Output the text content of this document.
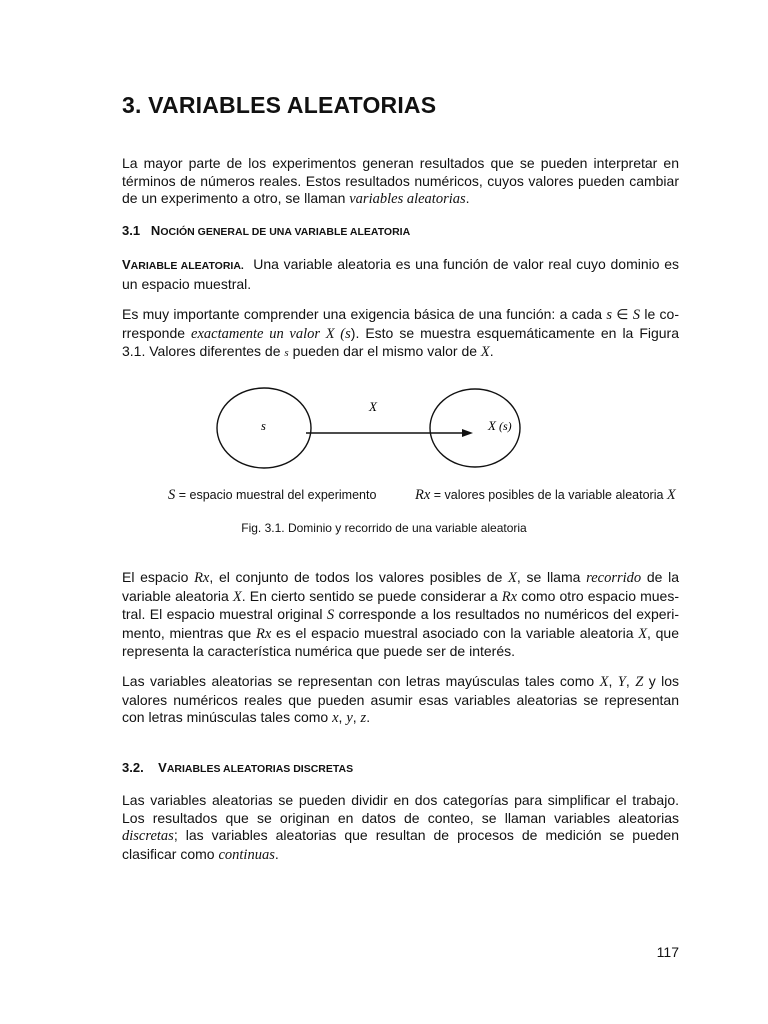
3. VARIABLES ALEATORIAS

La mayor parte de los experimentos generan resultados que se pueden interpretar en términos de números reales. Estos resultados numéricos, cuyos valores pueden cambiar de un experimento a otro, se llaman variables aleatorias.

3.1 NOCIÓN GENERAL DE UNA VARIABLE ALEATORIA

VARIABLE ALEATORIA. Una variable aleatoria es una función de valor real cuyo dominio es un espacio muestral.

Es muy importante comprender una exigencia básica de una función: a cada s ∈ S le co-rresponde exactamente un valor X (s). Esto se muestra esquemáticamente en la Figura 3.1. Valores diferentes de s pueden dar el mismo valor de X.

s
X
X (s)
S = espacio muestral del experimento	Rx = valores posibles de la variable aleatoria X
Fig. 3.1. Dominio y recorrido de una variable aleatoria

El espacio Rx, el conjunto de todos los valores posibles de X, se llama recorrido de la variable aleatoria X. En cierto sentido se puede considerar a Rx como otro espacio mues-tral. El espacio muestral original S corresponde a los resultados no numéricos del experi-mento, mientras que Rx es el espacio muestral asociado con la variable aleatoria X, que representa la característica numérica que puede ser de interés.

Las variables aleatorias se representan con letras mayúsculas tales como X, Y, Z y los valores numéricos reales que pueden asumir esas variables aleatorias se representan con letras minúsculas tales como x, y, z.

3.2. VARIABLES ALEATORIAS DISCRETAS

Las variables aleatorias se pueden dividir en dos categorías para simplificar el trabajo. Los resultados que se originan en datos de conteo, se llaman variables aleatorias discretas; las variables aleatorias que resultan de procesos de medición se pueden clasificar como continuas.

117
